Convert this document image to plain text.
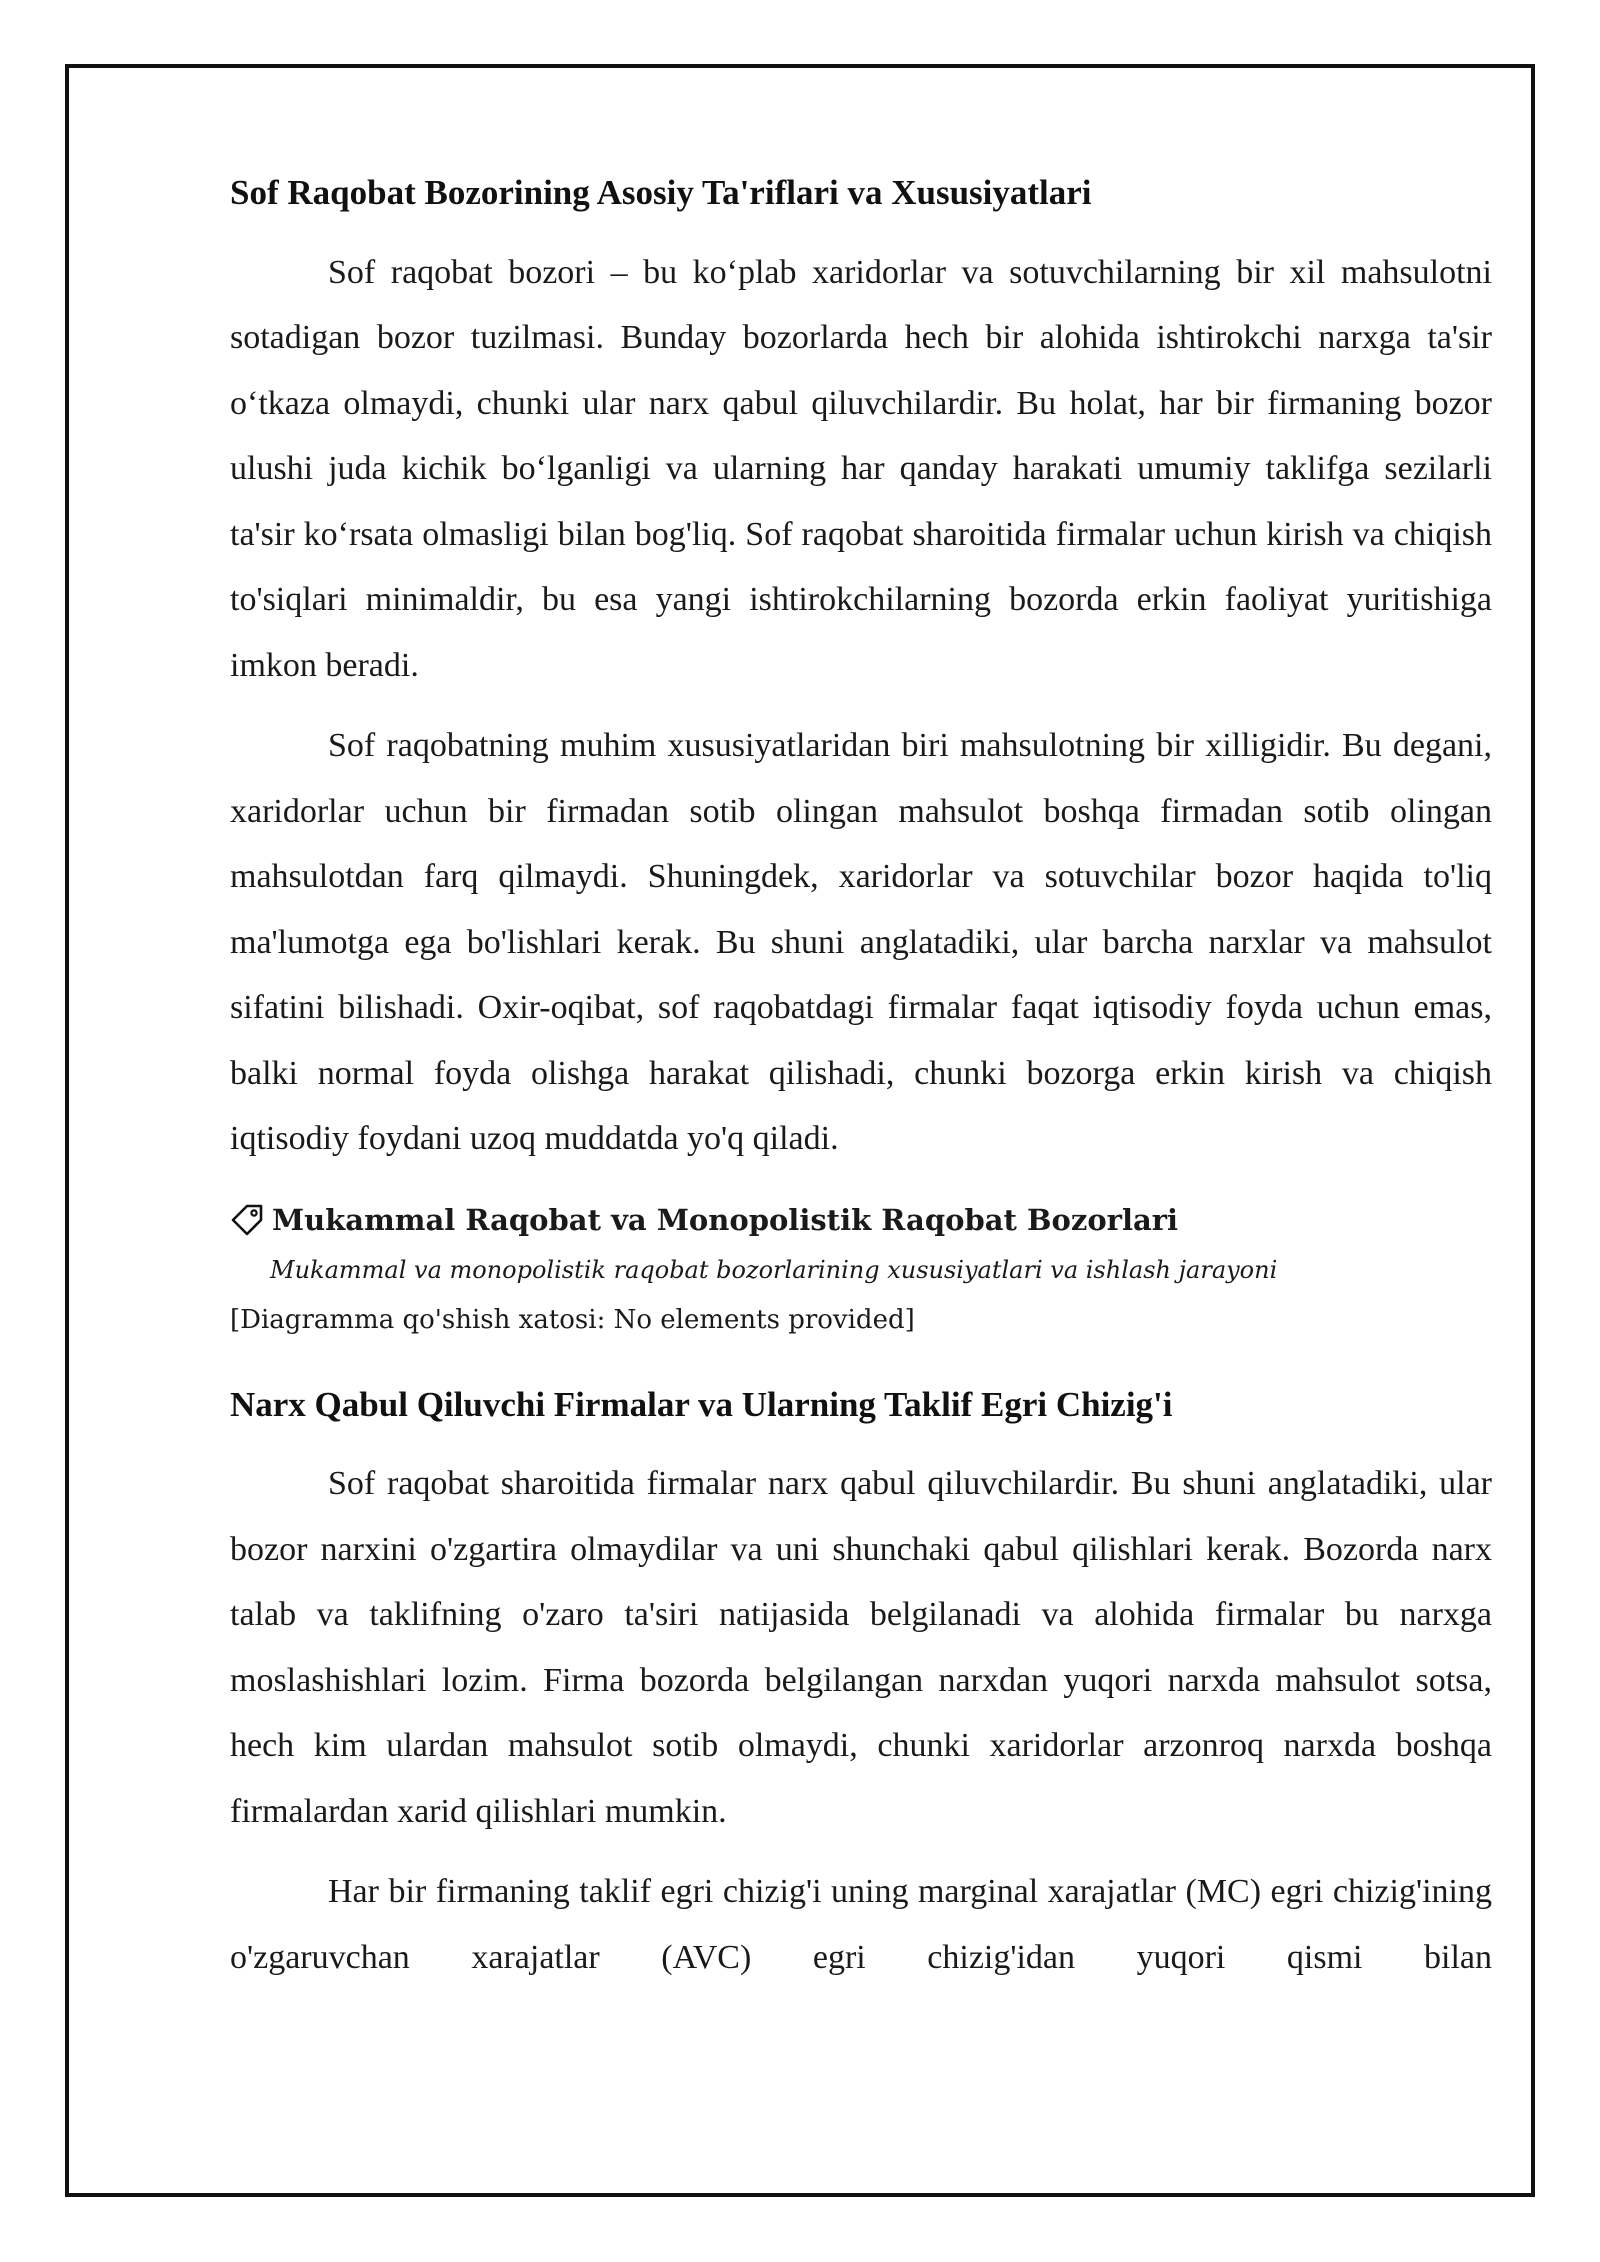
Sof Raqobat Bozorining Asosiy Ta'riflari va Xususiyatlari

Sof raqobat bozori – bu ko‘plab xaridorlar va sotuvchilarning bir xil mahsulotni sotadigan bozor tuzilmasi. Bunday bozorlarda hech bir alohida ishtirokchi narxga ta'sir o‘tkaza olmaydi, chunki ular narx qabul qiluvchilardir. Bu holat, har bir firmaning bozor ulushi juda kichik bo‘lganligi va ularning har qanday harakati umumiy taklifga sezilarli ta'sir ko‘rsata olmasligi bilan bog'liq. Sof raqobat sharoitida firmalar uchun kirish va chiqish to'siqlari minimaldir, bu esa yangi ishtirokchilarning bozorda erkin faoliyat yuritishiga imkon beradi.

Sof raqobatning muhim xususiyatlaridan biri mahsulotning bir xilligidir. Bu degani, xaridorlar uchun bir firmadan sotib olingan mahsulot boshqa firmadan sotib olingan mahsulotdan farq qilmaydi. Shuningdek, xaridorlar va sotuvchilar bozor haqida to'liq ma'lumotga ega bo'lishlari kerak. Bu shuni anglatadiki, ular barcha narxlar va mahsulot sifatini bilishadi. Oxir-oqibat, sof raqobatdagi firmalar faqat iqtisodiy foyda uchun emas, balki normal foyda olishga harakat qilishadi, chunki bozorga erkin kirish va chiqish iqtisodiy foydani uzoq muddatda yo'q qiladi.

Mukammal Raqobat va Monopolistik Raqobat Bozorlari
Mukammal va monopolistik raqobat bozorlarining xususiyatlari va ishlash jarayoni
[Diagramma qo'shish xatosi: No elements provided]
Narx Qabul Qiluvchi Firmalar va Ularning Taklif Egri Chizig'i

Sof raqobat sharoitida firmalar narx qabul qiluvchilardir. Bu shuni anglatadiki, ular bozor narxini o'zgartira olmaydilar va uni shunchaki qabul qilishlari kerak. Bozorda narx talab va taklifning o'zaro ta'siri natijasida belgilanadi va alohida firmalar bu narxga moslashishlari lozim. Firma bozorda belgilangan narxdan yuqori narxda mahsulot sotsa, hech kim ulardan mahsulot sotib olmaydi, chunki xaridorlar arzonroq narxda boshqa firmalardan xarid qilishlari mumkin.

Har bir firmaning taklif egri chizig'i uning marginal xarajatlar (MC) egri chizig'ining o'zgaruvchan xarajatlar (AVC) egri chizig'idan yuqori qismi bilan
